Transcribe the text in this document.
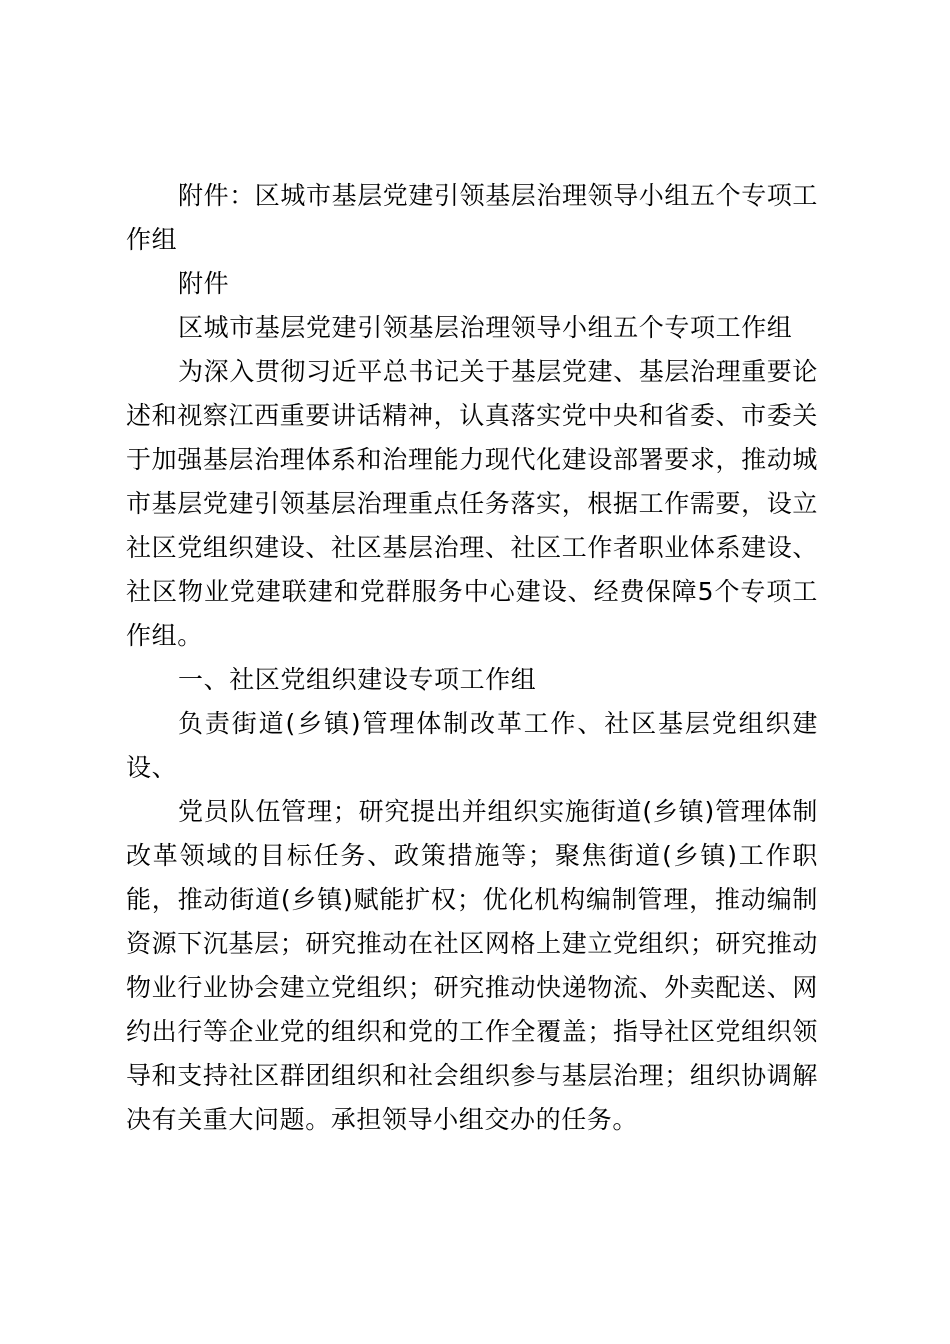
附件：区城市基层党建引领基层治理领导小组五个专项工作组

附件

区城市基层党建引领基层治理领导小组五个专项工作组

为深入贯彻习近平总书记关于基层党建、基层治理重要论述和视察江西重要讲话精神，认真落实党中央和省委、市委关于加强基层治理体系和治理能力现代化建设部署要求，推动城市基层党建引领基层治理重点任务落实，根据工作需要，设立社区党组织建设、社区基层治理、社区工作者职业体系建设、社区物业党建联建和党群服务中心建设、经费保障5个专项工作组。

一、社区党组织建设专项工作组

负责街道(乡镇)管理体制改革工作、社区基层党组织建设、

党员队伍管理；研究提出并组织实施街道(乡镇)管理体制改革领域的目标任务、政策措施等；聚焦街道(乡镇)工作职能，推动街道(乡镇)赋能扩权；优化机构编制管理，推动编制资源下沉基层；研究推动在社区网格上建立党组织；研究推动物业行业协会建立党组织；研究推动快递物流、外卖配送、网约出行等企业党的组织和党的工作全覆盖；指导社区党组织领导和支持社区群团组织和社会组织参与基层治理；组织协调解决有关重大问题。承担领导小组交办的任务。
